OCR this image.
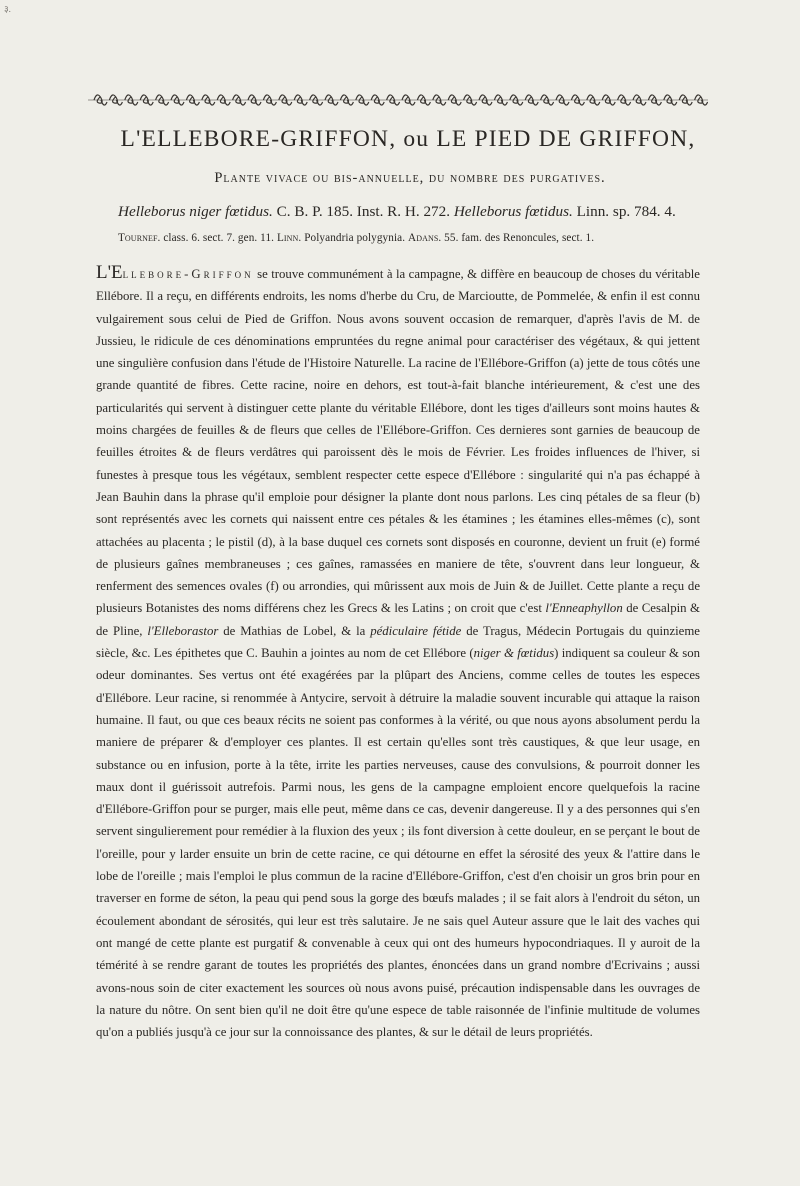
३.
L'ELLEBORE-GRIFFON, ou LE PIED DE GRIFFON,
Plante vivace ou bis-annuelle, du nombre des purgatives.
Helleborus niger fœtidus. C. B. P. 185. Inst. R. H. 272. Helleborus fœtidus. Linn. sp. 784. 4.
Tournef. class. 6. sect. 7. gen. 11. Linn. Polyandria polygynia. Adans. 55. fam. des Renoncules, sect. 1.
L'Ellebore-Griffon se trouve communément à la campagne, & diffère en beaucoup de choses du véritable Ellébore. Il a reçu, en différents endroits, les noms d'herbe du Cru, de Marcioutte, de Pommelée, & enfin il est connu vulgairement sous celui de Pied de Griffon. Nous avons souvent occasion de remarquer, d'après l'avis de M. de Jussieu, le ridicule de ces dénominations empruntées du regne animal pour caractériser des végétaux, & qui jettent une singulière confusion dans l'étude de l'Histoire Naturelle. La racine de l'Ellébore-Griffon (a) jette de tous côtés une grande quantité de fibres. Cette racine, noire en dehors, est tout-à-fait blanche intérieurement, & c'est une des particularités qui servent à distinguer cette plante du véritable Ellébore, dont les tiges d'ailleurs sont moins hautes & moins chargées de feuilles & de fleurs que celles de l'Ellébore-Griffon. Ces dernieres sont garnies de beaucoup de feuilles étroites & de fleurs verdâtres qui paroissent dès le mois de Février. Les froides influences de l'hiver, si funestes à presque tous les végétaux, semblent respecter cette espece d'Ellébore : singularité qui n'a pas échappé à Jean Bauhin dans la phrase qu'il emploie pour désigner la plante dont nous parlons. Les cinq pétales de sa fleur (b) sont représentés avec les cornets qui naissent entre ces pétales & les étamines ; les étamines elles-mêmes (c), sont attachées au placenta ; le pistil (d), à la base duquel ces cornets sont disposés en couronne, devient un fruit (e) formé de plusieurs gaînes membraneuses ; ces gaînes, ramassées en maniere de tête, s'ouvrent dans leur longueur, & renferment des semences ovales (f) ou arrondies, qui mûrissent aux mois de Juin & de Juillet. Cette plante a reçu de plusieurs Botanistes des noms différens chez les Grecs & les Latins ; on croit que c'est l'Enneaphyllon de Cesalpin & de Pline, l'Elleborastor de Mathias de Lobel, & la pédiculaire fétide de Tragus, Médecin Portugais du quinzieme siècle, &c. Les épithetes que C. Bauhin a jointes au nom de cet Ellébore (niger & fœtidus) indiquent sa couleur & son odeur dominantes. Ses vertus ont été exagérées par la plûpart des Anciens, comme celles de toutes les especes d'Ellébore. Leur racine, si renommée à Antycire, servoit à détruire la maladie souvent incurable qui attaque la raison humaine. Il faut, ou que ces beaux récits ne soient pas conformes à la vérité, ou que nous ayons absolument perdu la maniere de préparer & d'employer ces plantes. Il est certain qu'elles sont très caustiques, & que leur usage, en substance ou en infusion, porte à la tête, irrite les parties nerveuses, cause des convulsions, & pourroit donner les maux dont il guérissoit autrefois. Parmi nous, les gens de la campagne emploient encore quelquefois la racine d'Ellébore-Griffon pour se purger, mais elle peut, même dans ce cas, devenir dangereuse. Il y a des personnes qui s'en servent singulierement pour remédier à la fluxion des yeux ; ils font diversion à cette douleur, en se perçant le bout de l'oreille, pour y larder ensuite un brin de cette racine, ce qui détourne en effet la sérosité des yeux & l'attire dans le lobe de l'oreille ; mais l'emploi le plus commun de la racine d'Ellébore-Griffon, c'est d'en choisir un gros brin pour en traverser en forme de séton, la peau qui pend sous la gorge des bœufs malades ; il se fait alors à l'endroit du séton, un écoulement abondant de sérosités, qui leur est très salutaire. Je ne sais quel Auteur assure que le lait des vaches qui ont mangé de cette plante est purgatif & convenable à ceux qui ont des humeurs hypocondriaques. Il y auroit de la témérité à se rendre garant de toutes les propriétés des plantes, énoncées dans un grand nombre d'Ecrivains ; aussi avons-nous soin de citer exactement les sources où nous avons puisé, précaution indispensable dans les ouvrages de la nature du nôtre. On sent bien qu'il ne doit être qu'une espece de table raisonnée de l'infinie multitude de volumes qu'on a publiés jusqu'à ce jour sur la connoissance des plantes, & sur le détail de leurs propriétés.
